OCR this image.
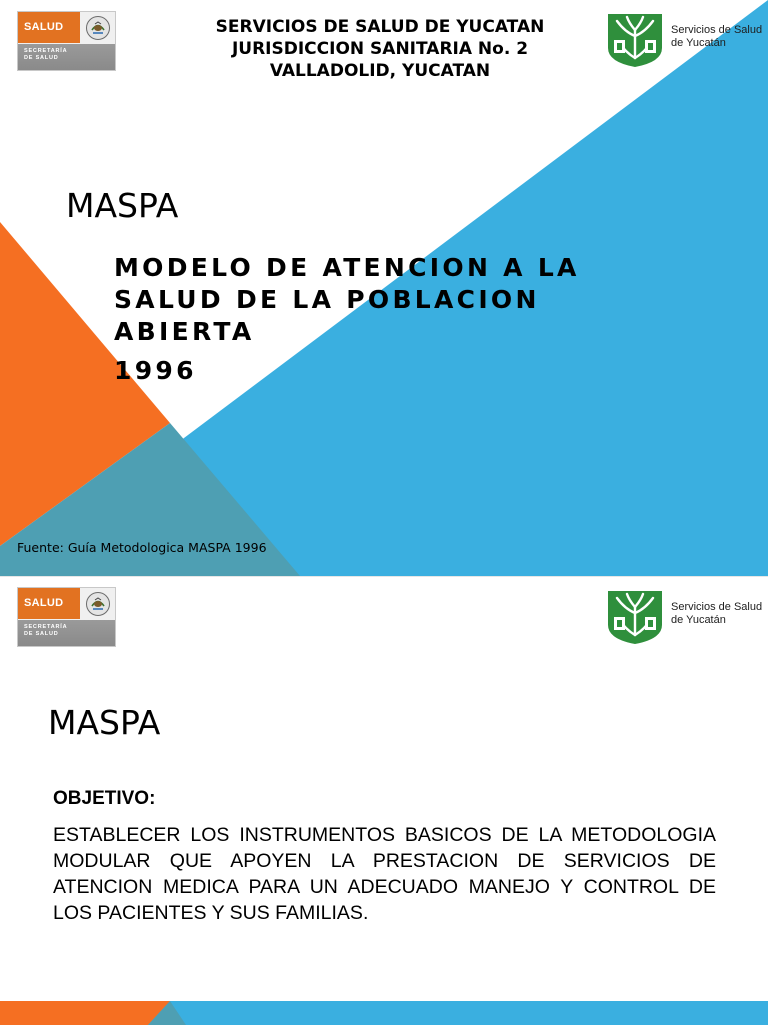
SALUD
SECRETARÍA DE SALUD
SERVICIOS DE SALUD DE YUCATAN
JURISDICCION SANITARIA No. 2
VALLADOLID, YUCATAN
Servicios de Salud
de Yucatán
MASPA
MODELO DE ATENCION A LA SALUD DE LA POBLACION ABIERTA
1996
Fuente: Guía Metodologica MASPA 1996
SALUD
SECRETARÍA DE SALUD
Servicios de Salud
de Yucatán
MASPA
OBJETIVO:
ESTABLECER LOS INSTRUMENTOS BASICOS DE LA METODOLOGIA MODULAR QUE APOYEN LA PRESTACION DE SERVICIOS DE ATENCION MEDICA PARA UN ADECUADO MANEJO Y CONTROL DE LOS PACIENTES Y SUS FAMILIAS.
